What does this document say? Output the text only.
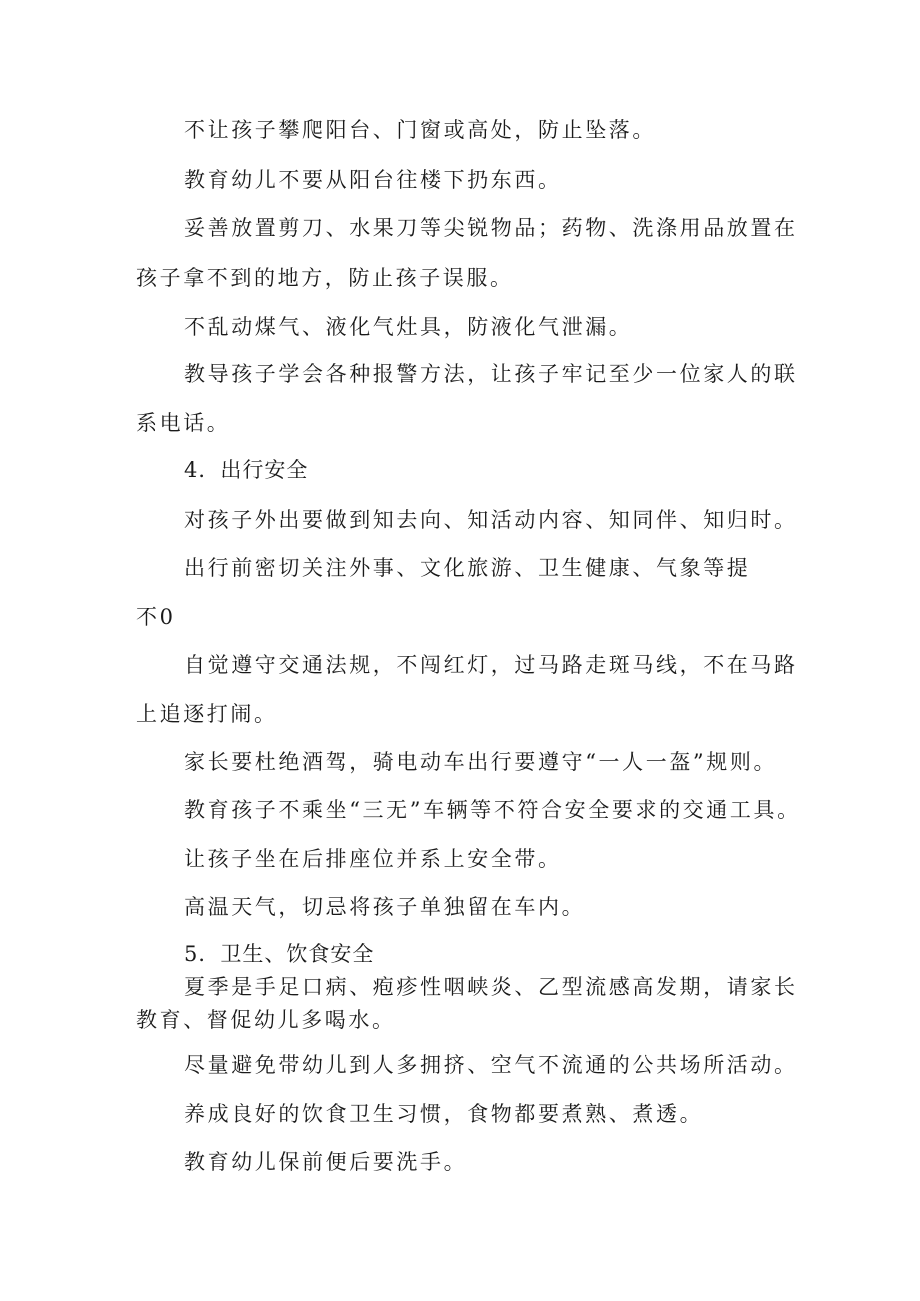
不让孩子攀爬阳台、门窗或高处，防止坠落。
教育幼儿不要从阳台往楼下扔东西。
妥善放置剪刀、水果刀等尖锐物品；药物、洗涤用品放置在
孩子拿不到的地方，防止孩子误服。
不乱动煤气、液化气灶具，防液化气泄漏。
教导孩子学会各种报警方法，让孩子牢记至少一位家人的联
系电话。
4．出行安全
对孩子外出要做到知去向、知活动内容、知同伴、知归时。
出行前密切关注外事、文化旅游、卫生健康、气象等提
不0
自觉遵守交通法规，不闯红灯，过马路走斑马线，不在马路
上追逐打闹。
家长要杜绝酒驾，骑电动车出行要遵守“一人一盔”规则。
教育孩子不乘坐“三无”车辆等不符合安全要求的交通工具。
让孩子坐在后排座位并系上安全带。
高温天气，切忌将孩子单独留在车内。
5．卫生、饮食安全
夏季是手足口病、疱疹性咽峡炎、乙型流感高发期，请家长
教育、督促幼儿多喝水。
尽量避免带幼儿到人多拥挤、空气不流通的公共场所活动。
养成良好的饮食卫生习惯，食物都要煮熟、煮透。
教育幼儿保前便后要洗手。
